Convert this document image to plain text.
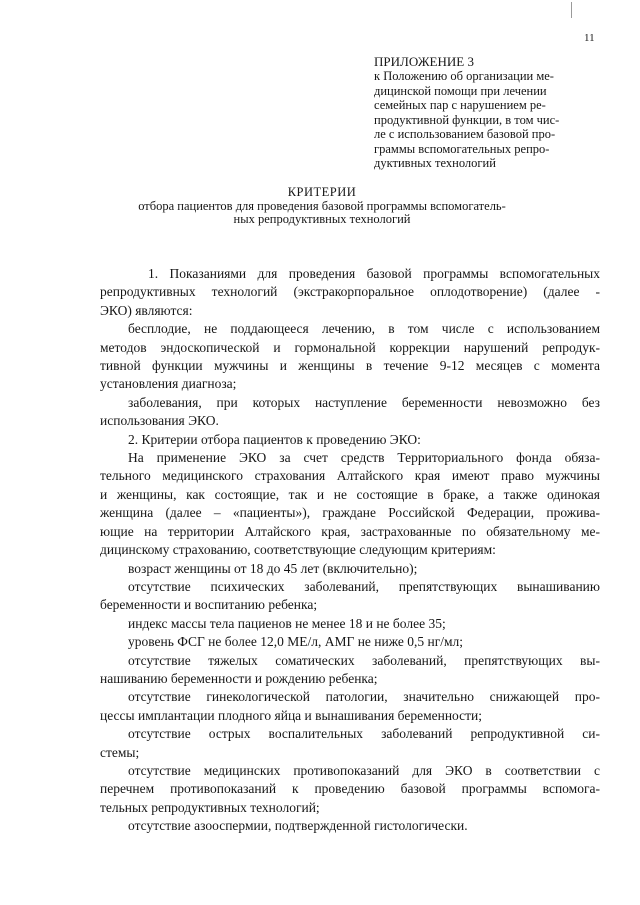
11
ПРИЛОЖЕНИЕ 3
к Положению об организации ме-
дицинской помощи при лечении
семейных пар с нарушением ре-
продуктивной функции, в том чис-
ле с использованием базовой про-
граммы вспомогательных репро-
дуктивных технологий
КРИТЕРИИ
отбора пациентов для проведения базовой программы вспомогатель-
ных репродуктивных технологий
1. Показаниями для проведения базовой программы вспомогательных
репродуктивных технологий (экстракорпоральное оплодотворение) (далее -
ЭКО) являются:
бесплодие, не поддающееся лечению, в том числе с использованием
методов эндоскопической и гормональной коррекции нарушений репродук-
тивной функции мужчины и женщины в течение 9-12 месяцев с момента
установления диагноза;
заболевания, при которых наступление беременности невозможно без
использования ЭКО.
2. Критерии отбора пациентов к проведению ЭКО:
На применение ЭКО за счет средств Территориального фонда обяза-
тельного медицинского страхования Алтайского края имеют право мужчины
и женщины, как состоящие, так и не состоящие в браке, а также одинокая
женщина (далее – «пациенты»), граждане Российской Федерации, прожива-
ющие на территории Алтайского края, застрахованные по обязательному ме-
дицинскому страхованию, соответствующие следующим критериям:
возраст женщины от 18 до 45 лет (включительно);
отсутствие психических заболеваний, препятствующих вынашиванию
беременности и воспитанию ребенка;
индекс массы тела пациенов не менее 18 и не более 35;
уровень ФСГ не более 12,0 МЕ/л, АМГ не ниже 0,5 нг/мл;
отсутствие тяжелых соматических заболеваний, препятствующих вы-
нашиванию беременности и рождению ребенка;
отсутствие гинекологической патологии, значительно снижающей про-
цессы имплантации плодного яйца и вынашивания беременности;
отсутствие острых воспалительных заболеваний репродуктивной си-
стемы;
отсутствие медицинских противопоказаний для ЭКО в соответствии с
перечнем противопоказаний к проведению базовой программы вспомога-
тельных репродуктивных технологий;
отсутствие азооспермии, подтвержденной гистологически.
